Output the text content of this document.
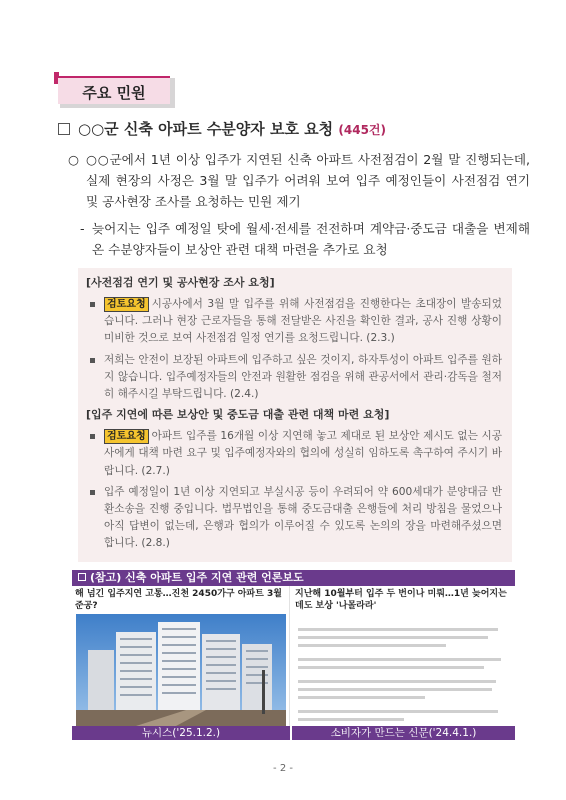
주요 민원
○○군 신축 아파트 수분양자 보호 요청 (445건)
○ ○○군에서 1년 이상 입주가 지연된 신축 아파트 사전점검이 2월 말 진행되는데, 실제 현장의 사정은 3월 말 입주가 어려워 보여 입주 예정인들이 사전점검 연기 및 공사현장 조사를 요청하는 민원 제기
- 늦어지는 입주 예정일 탓에 월세·전세를 전전하며 계약금·중도금 대출을 변제해 온 수분양자들이 보상안 관련 대책 마련을 추가로 요청
[사전점검 연기 및 공사현장 조사 요청]
검토요청 시공사에서 3월 말 입주를 위해 사전점검을 진행한다는 초대장이 발송되었습니다. 그러나 현장 근로자들을 통해 전달받은 사진을 확인한 결과, 공사 진행 상황이 미비한 것으로 보여 사전점검 일정 연기를 요청드립니다. (2.3.)
저희는 안전이 보장된 아파트에 입주하고 싶은 것이지, 하자투성이 아파트 입주를 원하지 않습니다. 입주예정자들의 안전과 원활한 점검을 위해 관공서에서 관리·감독을 철저히 해주시길 부탁드립니다. (2.4.)
[입주 지연에 따른 보상안 및 중도금 대출 관련 대책 마련 요청]
검토요청 아파트 입주를 16개월 이상 지연해 놓고 제대로 된 보상안 제시도 없는 시공사에게 대책 마련 요구 및 입주예정자와의 협의에 성실히 임하도록 촉구하여 주시기 바랍니다. (2.7.)
입주 예정일이 1년 이상 지연되고 부실시공 등이 우려되어 약 600세대가 분양대금 반환소송을 진행 중입니다. 법무법인을 통해 중도금대출 은행들에 처리 방침을 물었으나 아직 답변이 없는데, 은행과 협의가 이루어질 수 있도록 논의의 장을 마련해주셨으면 합니다. (2.8.)
(참고) 신축 아파트 입주 지연 관련 언론보도
해 넘긴 입주지연 고통…진천 2450가구 아파트 3월 준공?
지난해 10월부터 입주 두 번이나 미뤄…1년 늦어지는데도 보상 '나몰라라'
뉴시스('25.1.2.)	소비자가 만드는 신문('24.4.1.)
- 2 -
